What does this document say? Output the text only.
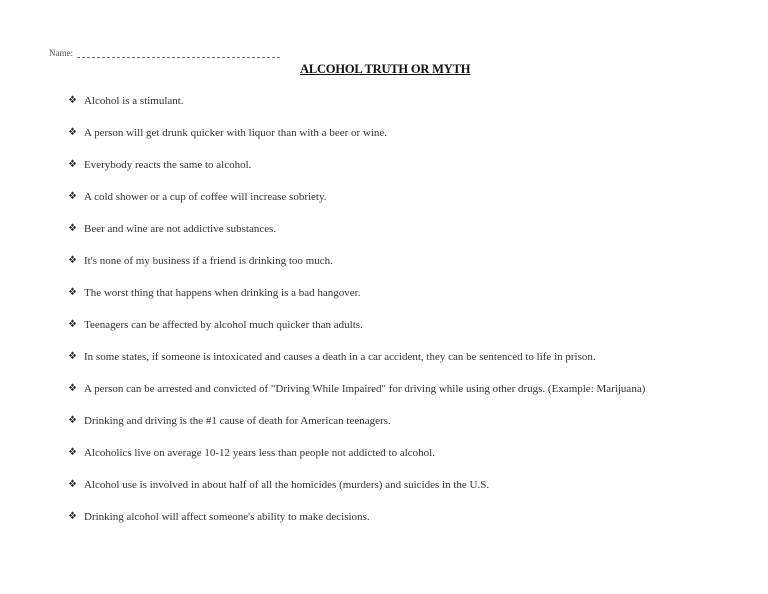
Name:
ALCOHOL TRUTH OR MYTH
❖ Alcohol is a stimulant.
❖ A person will get drunk quicker with liquor than with a beer or wine.
❖ Everybody reacts the same to alcohol.
❖ A cold shower or a cup of coffee will increase sobriety.
❖ Beer and wine are not addictive substances.
❖ It's none of my business if a friend is drinking too much.
❖ The worst thing that happens when drinking is a bad hangover.
❖ Teenagers can be affected by alcohol much quicker than adults.
❖ In some states, if someone is intoxicated and causes a death in a car accident, they can be sentenced to life in prison.
❖ A person can be arrested and convicted of "Driving While Impaired" for driving while using other drugs. (Example: Marijuana)
❖ Drinking and driving is the #1 cause of death for American teenagers.
❖ Alcoholics live on average 10-12 years less than people not addicted to alcohol.
❖ Alcohol use is involved in about half of all the homicides (murders) and suicides in the U.S.
❖ Drinking alcohol will affect someone's ability to make decisions.
